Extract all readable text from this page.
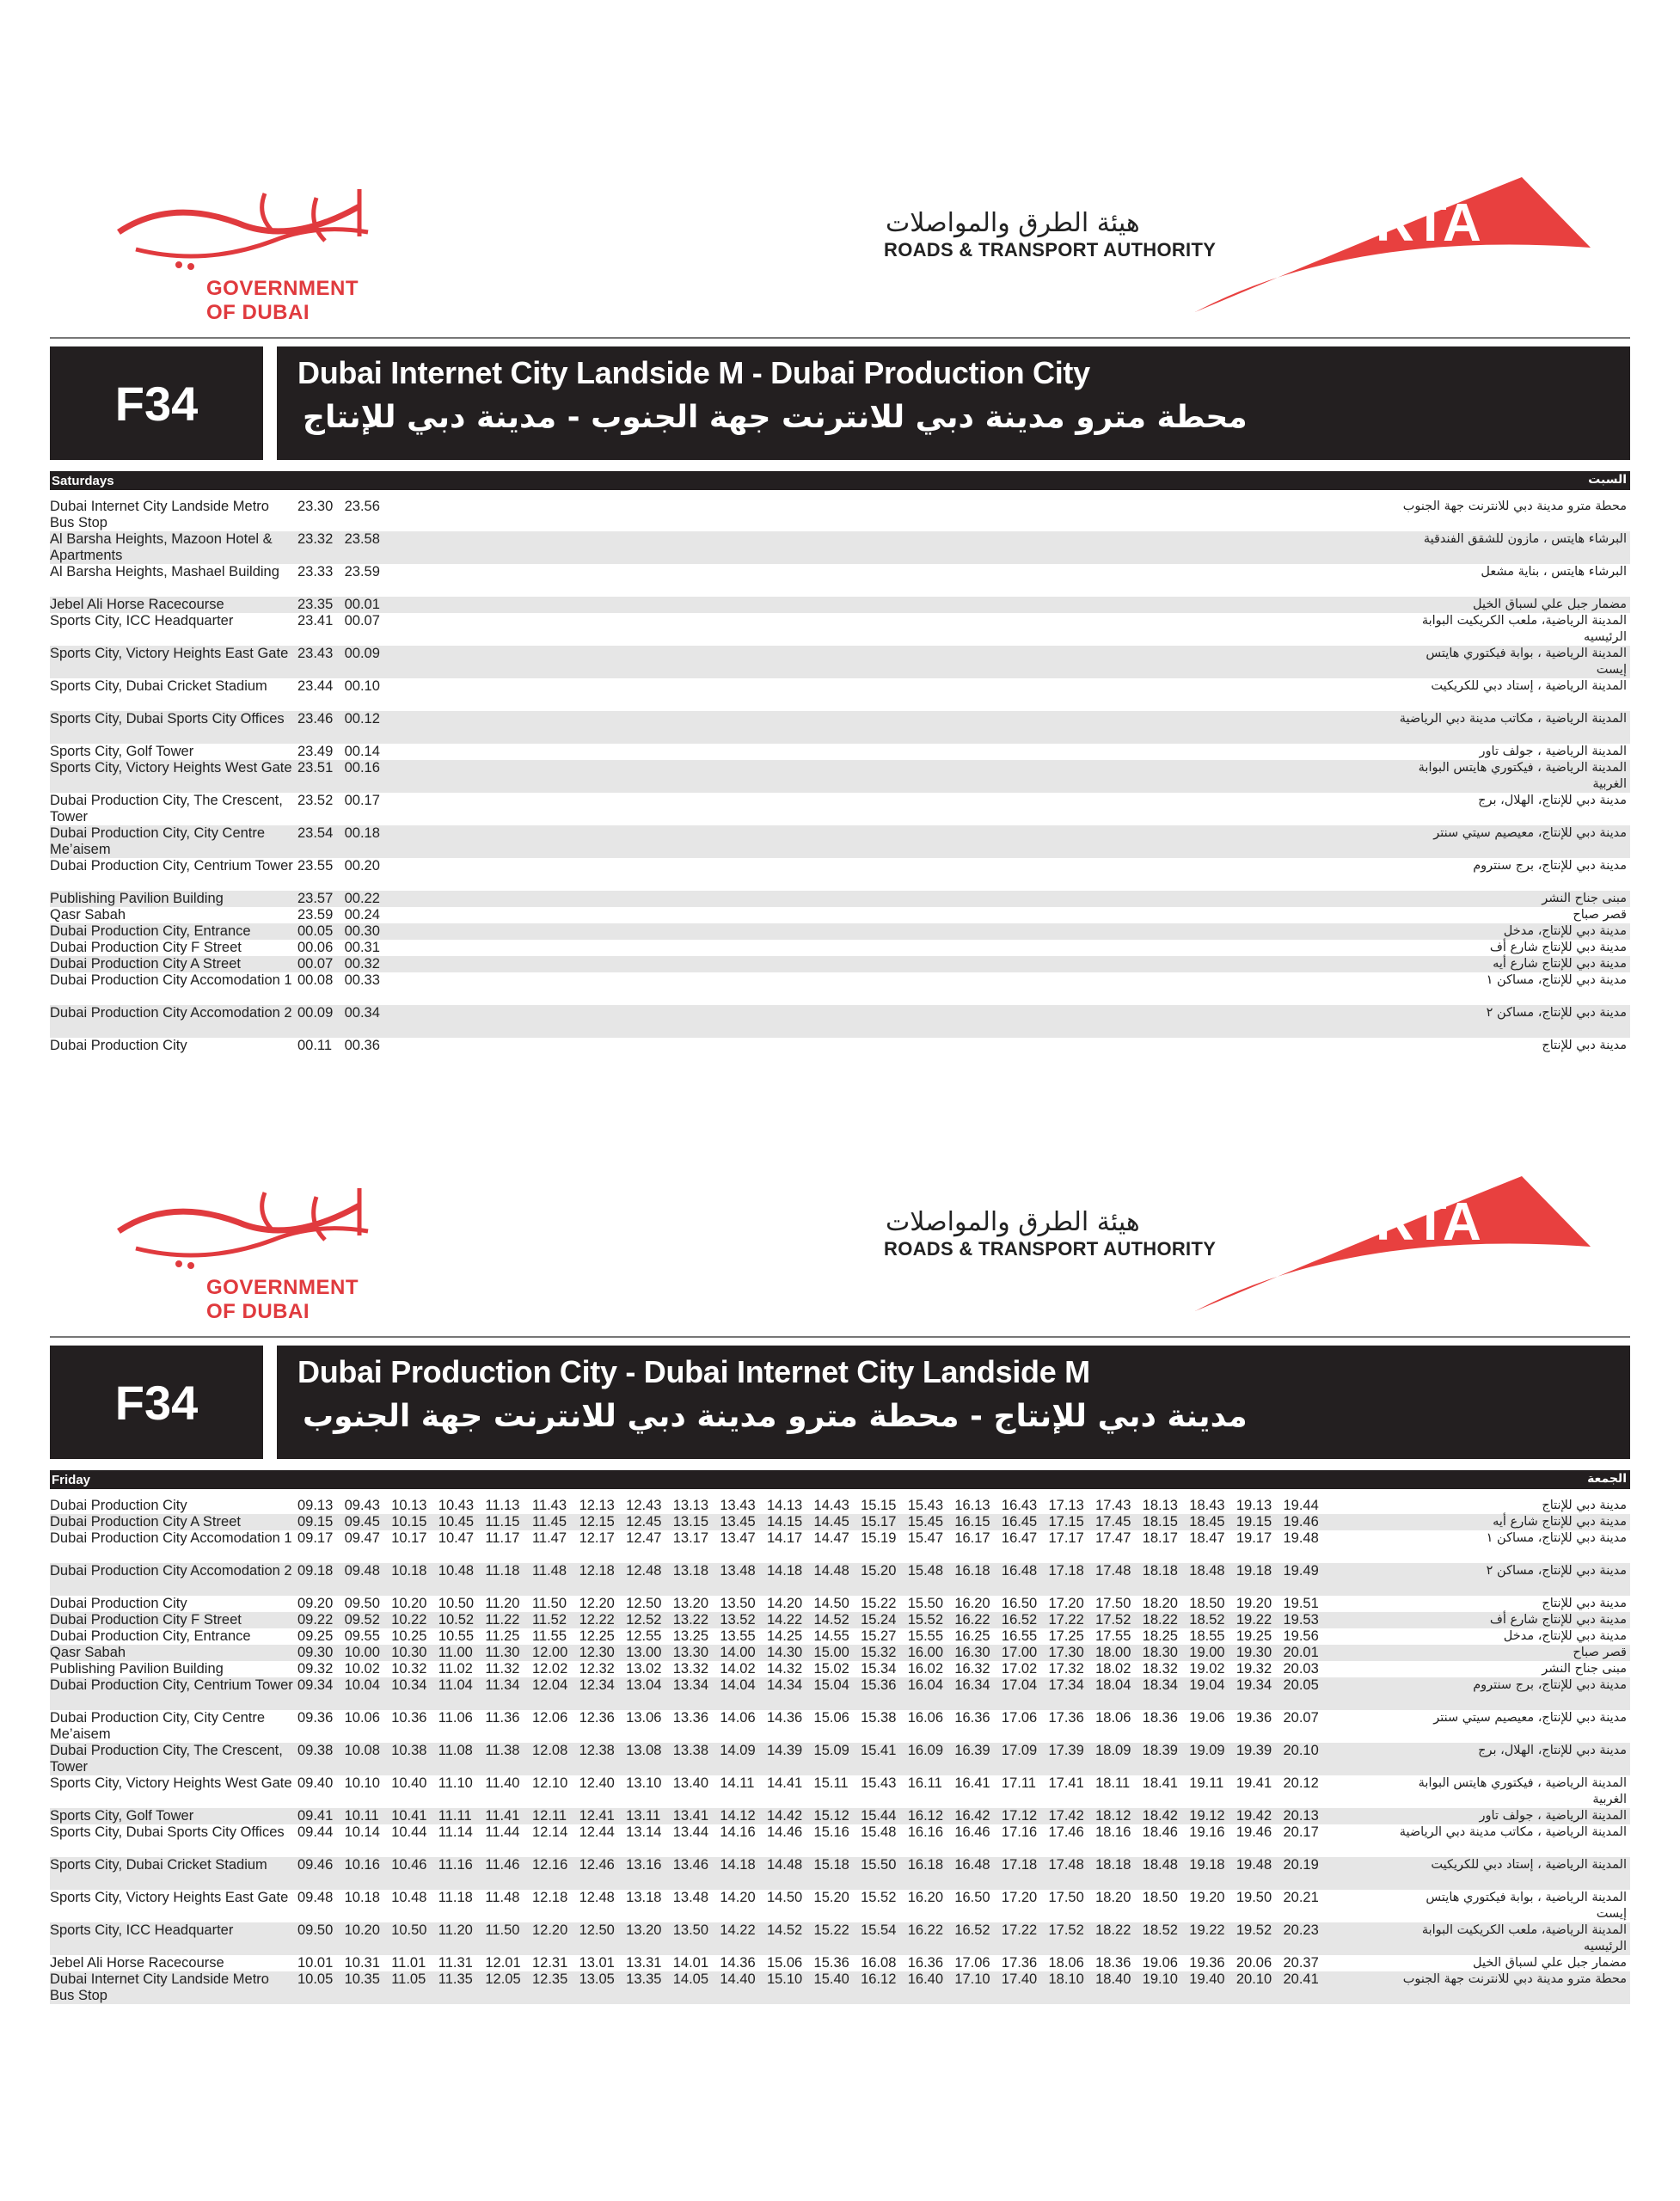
GOVERNMENT OF DUBAI
هيئة الطرق والمواصلات
ROADS & TRANSPORT AUTHORITY	RTA
F34
Dubai Internet City Landside M - Dubai Production City
محطة مترو مدينة دبي للانترنت جهة الجنوب - مدينة دبي للإنتاج
Saturdays	السبت
Dubai Internet City Landside Metro Bus Stop
23.30 23.56	محطة مترو مدينة دبي للانترنت جهة الجنوب
Al Barsha Heights, Mazoon Hotel & Apartments
23.32 23.58	البرشاء هايتس ، مازون للشقق الفندقية
Al Barsha Heights, Mashael Building	23.33 23.59	البرشاء هايتس ، بناية مشعل
Jebel Ali Horse Racecourse	23.35 00.01	مضمار جبل علي لسباق الخيل
Sports City, ICC Headquarter	23.41 00.07	المدينة الرياضية، ملعب الكريكيت البوابة الرئيسيه
Sports City, Victory Heights East Gate 23.43 00.09	المدينة الرياضية ، بوابة فيكتوري هايتس إيست
Sports City, Dubai Cricket Stadium	23.44 00.10	المدينة الرياضية ، إستاد دبي للكريكيت
Sports City, Dubai Sports City Offices 23.46 00.12	المدينة الرياضية ، مكاتب مدينة دبي الرياضية
Sports City, Golf Tower	23.49 00.14	المدينة الرياضية ، جولف تاور
Sports City, Victory Heights West Gate 23.51 00.16	المدينة الرياضية ، فيكتوري هايتس البوابة الغربية
Dubai Production City, The Crescent, Tower
23.52 00.17	مدينة دبي للإنتاج، الهلال، برج
Dubai Production City, City Centre Me’aisem
23.54 00.18	مدينة دبي للإنتاج، معيصيم سيتي سنتر
Dubai Production City, Centrium Tower 23.55 00.20	مدينة دبي للإنتاج، برج سنتروم
Publishing Pavilion Building	23.57 00.22	مبنى جناح النشر
Qasr Sabah	23.59 00.24	قصر صباح
Dubai Production City, Entrance	00.05 00.30	مدينة دبي للإنتاج، مدخل
Dubai Production City F Street	00.06 00.31	مدينة دبي للإنتاج شارع أف
Dubai Production City A Street	00.07 00.32	مدينة دبي للإنتاج شارع أيه
Dubai Production City Accomodation 1 00.08 00.33	مدينة دبي للإنتاج، مساكن ١
Dubai Production City Accomodation 2 00.09 00.34	مدينة دبي للإنتاج، مساكن ٢
Dubai Production City	00.11 00.36	مدينة دبي للإنتاج
GOVERNMENT OF DUBAI
هيئة الطرق والمواصلات
ROADS & TRANSPORT AUTHORITY	RTA
F34
Dubai Production City - Dubai Internet City Landside M
مدينة دبي للإنتاج - محطة مترو مدينة دبي للانترنت جهة الجنوب
Friday	الجمعة
Dubai Production City	09.13 09.43 10.13 10.43 11.13 11.43 12.13 12.43 13.13 13.43 14.13 14.43 15.15 15.43 16.13 16.43 17.13 17.43 18.13 18.43 19.13 19.44	مدينة دبي للإنتاج
Dubai Production City A Street	09.15 09.45 10.15 10.45 11.15 11.45 12.15 12.45 13.15 13.45 14.15 14.45 15.17 15.45 16.15 16.45 17.15 17.45 18.15 18.45 19.15 19.46	مدينة دبي للإنتاج شارع أيه
Dubai Production City Accomodation 1 09.17 09.47 10.17 10.47 11.17 11.47 12.17 12.47 13.17 13.47 14.17 14.47 15.19 15.47 16.17 16.47 17.17 17.47 18.17 18.47 19.17 19.48	مدينة دبي للإنتاج، مساكن ١
Dubai Production City Accomodation 2 09.18 09.48 10.18 10.48 11.18 11.48 12.18 12.48 13.18 13.48 14.18 14.48 15.20 15.48 16.18 16.48 17.18 17.48 18.18 18.48 19.18 19.49	مدينة دبي للإنتاج، مساكن ٢
Dubai Production City	09.20 09.50 10.20 10.50 11.20 11.50 12.20 12.50 13.20 13.50 14.20 14.50 15.22 15.50 16.20 16.50 17.20 17.50 18.20 18.50 19.20 19.51	مدينة دبي للإنتاج
Dubai Production City F Street	09.22 09.52 10.22 10.52 11.22 11.52 12.22 12.52 13.22 13.52 14.22 14.52 15.24 15.52 16.22 16.52 17.22 17.52 18.22 18.52 19.22 19.53	مدينة دبي للإنتاج شارع أف
Dubai Production City, Entrance	09.25 09.55 10.25 10.55 11.25 11.55 12.25 12.55 13.25 13.55 14.25 14.55 15.27 15.55 16.25 16.55 17.25 17.55 18.25 18.55 19.25 19.56	مدينة دبي للإنتاج، مدخل
Qasr Sabah	09.30 10.00 10.30 11.00 11.30 12.00 12.30 13.00 13.30 14.00 14.30 15.00 15.32 16.00 16.30 17.00 17.30 18.00 18.30 19.00 19.30 20.01	قصر صباح
Publishing Pavilion Building	09.32 10.02 10.32 11.02 11.32 12.02 12.32 13.02 13.32 14.02 14.32 15.02 15.34 16.02 16.32 17.02 17.32 18.02 18.32 19.02 19.32 20.03	مبنى جناح النشر
Dubai Production City, Centrium Tower 09.34 10.04 10.34 11.04 11.34 12.04 12.34 13.04 13.34 14.04 14.34 15.04 15.36 16.04 16.34 17.04 17.34 18.04 18.34 19.04 19.34 20.05	مدينة دبي للإنتاج، برج سنتروم
Dubai Production City, City Centre Me’aisem
09.36 10.06 10.36 11.06 11.36 12.06 12.36 13.06 13.36 14.06 14.36 15.06 15.38 16.06 16.36 17.06 17.36 18.06 18.36 19.06 19.36 20.07	مدينة دبي للإنتاج، معيصيم سيتي سنتر
Dubai Production City, The Crescent, Tower
09.38 10.08 10.38 11.08 11.38 12.08 12.38 13.08 13.38 14.09 14.39 15.09 15.41 16.09 16.39 17.09 17.39 18.09 18.39 19.09 19.39 20.10	مدينة دبي للإنتاج، الهلال، برج
Sports City, Victory Heights West Gate 09.40 10.10 10.40 11.10 11.40 12.10 12.40 13.10 13.40 14.11 14.41 15.11 15.43 16.11 16.41 17.11 17.41 18.11 18.41 19.11 19.41 20.12	المدينة الرياضية ، فيكتوري هايتس البوابة الغربية
Sports City, Golf Tower	09.41 10.11 10.41 11.11 11.41 12.11 12.41 13.11 13.41 14.12 14.42 15.12 15.44 16.12 16.42 17.12 17.42 18.12 18.42 19.12 19.42 20.13	المدينة الرياضية ، جولف تاور
Sports City, Dubai Sports City Offices 09.44 10.14 10.44 11.14 11.44 12.14 12.44 13.14 13.44 14.16 14.46 15.16 15.48 16.16 16.46 17.16 17.46 18.16 18.46 19.16 19.46 20.17	المدينة الرياضية ، مكاتب مدينة دبي الرياضية
Sports City, Dubai Cricket Stadium	09.46 10.16 10.46 11.16 11.46 12.16 12.46 13.16 13.46 14.18 14.48 15.18 15.50 16.18 16.48 17.18 17.48 18.18 18.48 19.18 19.48 20.19	المدينة الرياضية ، إستاد دبي للكريكيت
Sports City, Victory Heights East Gate 09.48 10.18 10.48 11.18 11.48 12.18 12.48 13.18 13.48 14.20 14.50 15.20 15.52 16.20 16.50 17.20 17.50 18.20 18.50 19.20 19.50 20.21	المدينة الرياضية ، بوابة فيكتوري هايتس إيست
Sports City, ICC Headquarter	09.50 10.20 10.50 11.20 11.50 12.20 12.50 13.20 13.50 14.22 14.52 15.22 15.54 16.22 16.52 17.22 17.52 18.22 18.52 19.22 19.52 20.23	المدينة الرياضية، ملعب الكريكيت البوابة الرئيسيه
Jebel Ali Horse Racecourse	10.01 10.31 11.01 11.31 12.01 12.31 13.01 13.31 14.01 14.36 15.06 15.36 16.08 16.36 17.06 17.36 18.06 18.36 19.06 19.36 20.06 20.37	مضمار جبل علي لسباق الخيل
Dubai Internet City Landside Metro Bus Stop
10.05 10.35 11.05 11.35 12.05 12.35 13.05 13.35 14.05 14.40 15.10 15.40 16.12 16.40 17.10 17.40 18.10 18.40 19.10 19.40 20.10 20.41	محطة مترو مدينة دبي للانترنت جهة الجنوب
